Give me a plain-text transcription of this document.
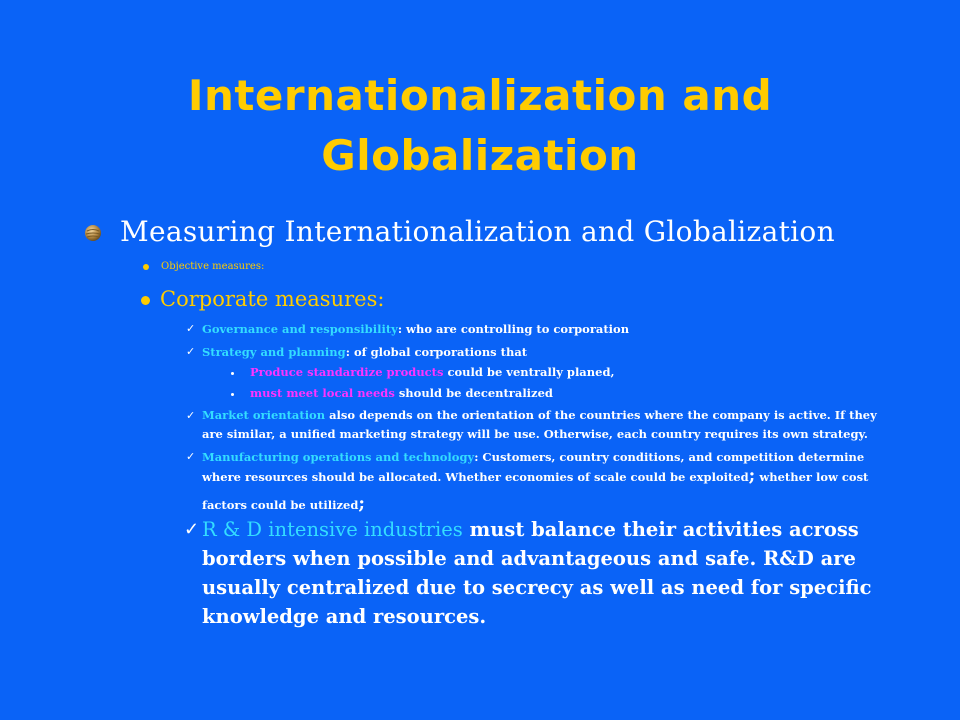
Internationalization and
Globalization
Measuring Internationalization and Globalization
Objective measures:
Corporate measures:
✓ Governance and responsibility: who are controlling to corporation
✓ Strategy and planning: of global corporations that
Produce standardize products could be ventrally planed,
must meet local needs should be decentralized
✓ Market orientation also depends on the orientation of the countries where the company is active. If they
are similar, a unified marketing strategy will be use. Otherwise, each country requires its own strategy.
✓ Manufacturing operations and technology: Customers, country conditions, and competition determine
where resources should be allocated. Whether economies of scale could be exploited; whether low cost
factors could be utilized;
✓ R & D intensive industries must balance their activities across
borders when possible and advantageous and safe. R&D are
usually centralized due to secrecy as well as need for specific
knowledge and resources.
